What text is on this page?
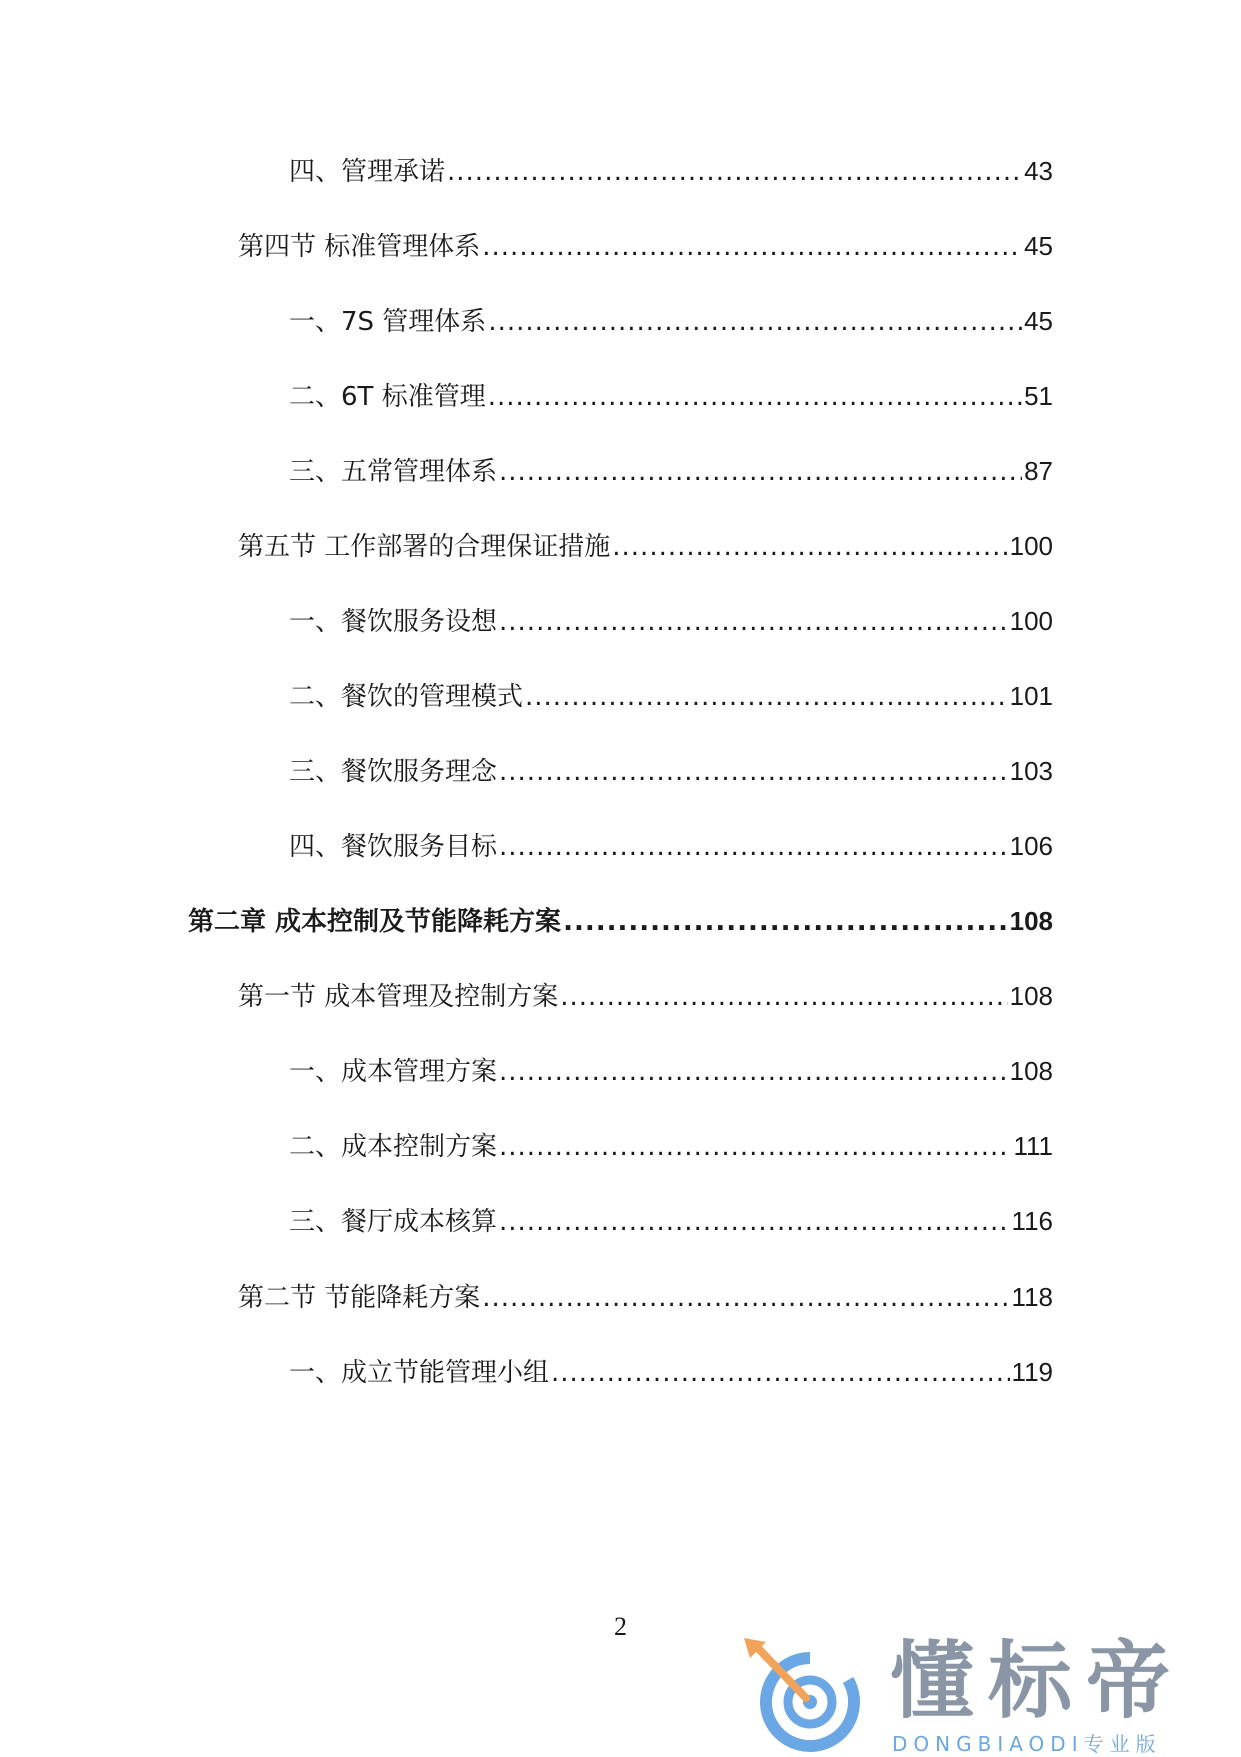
四、管理承诺 .....	43
第四节 标准管理体系 .....	45
一、7S 管理体系 .....	45
二、6T 标准管理 .....	51
三、五常管理体系 .....	87
第五节 工作部署的合理保证措施 .....	100
一、餐饮服务设想 .....	100
二、餐饮的管理模式 .....	101
三、餐饮服务理念 .....	103
四、餐饮服务目标 .....	106
第二章 成本控制及节能降耗方案 .....	108
第一节 成本管理及控制方案 .....	108
一、成本管理方案 .....	108
二、成本控制方案 .....	111
三、餐厅成本核算 .....	116
第二节 节能降耗方案 .....	118
一、成立节能管理小组 .....	119
2
懂标帝
DONGBIAODI专业版
